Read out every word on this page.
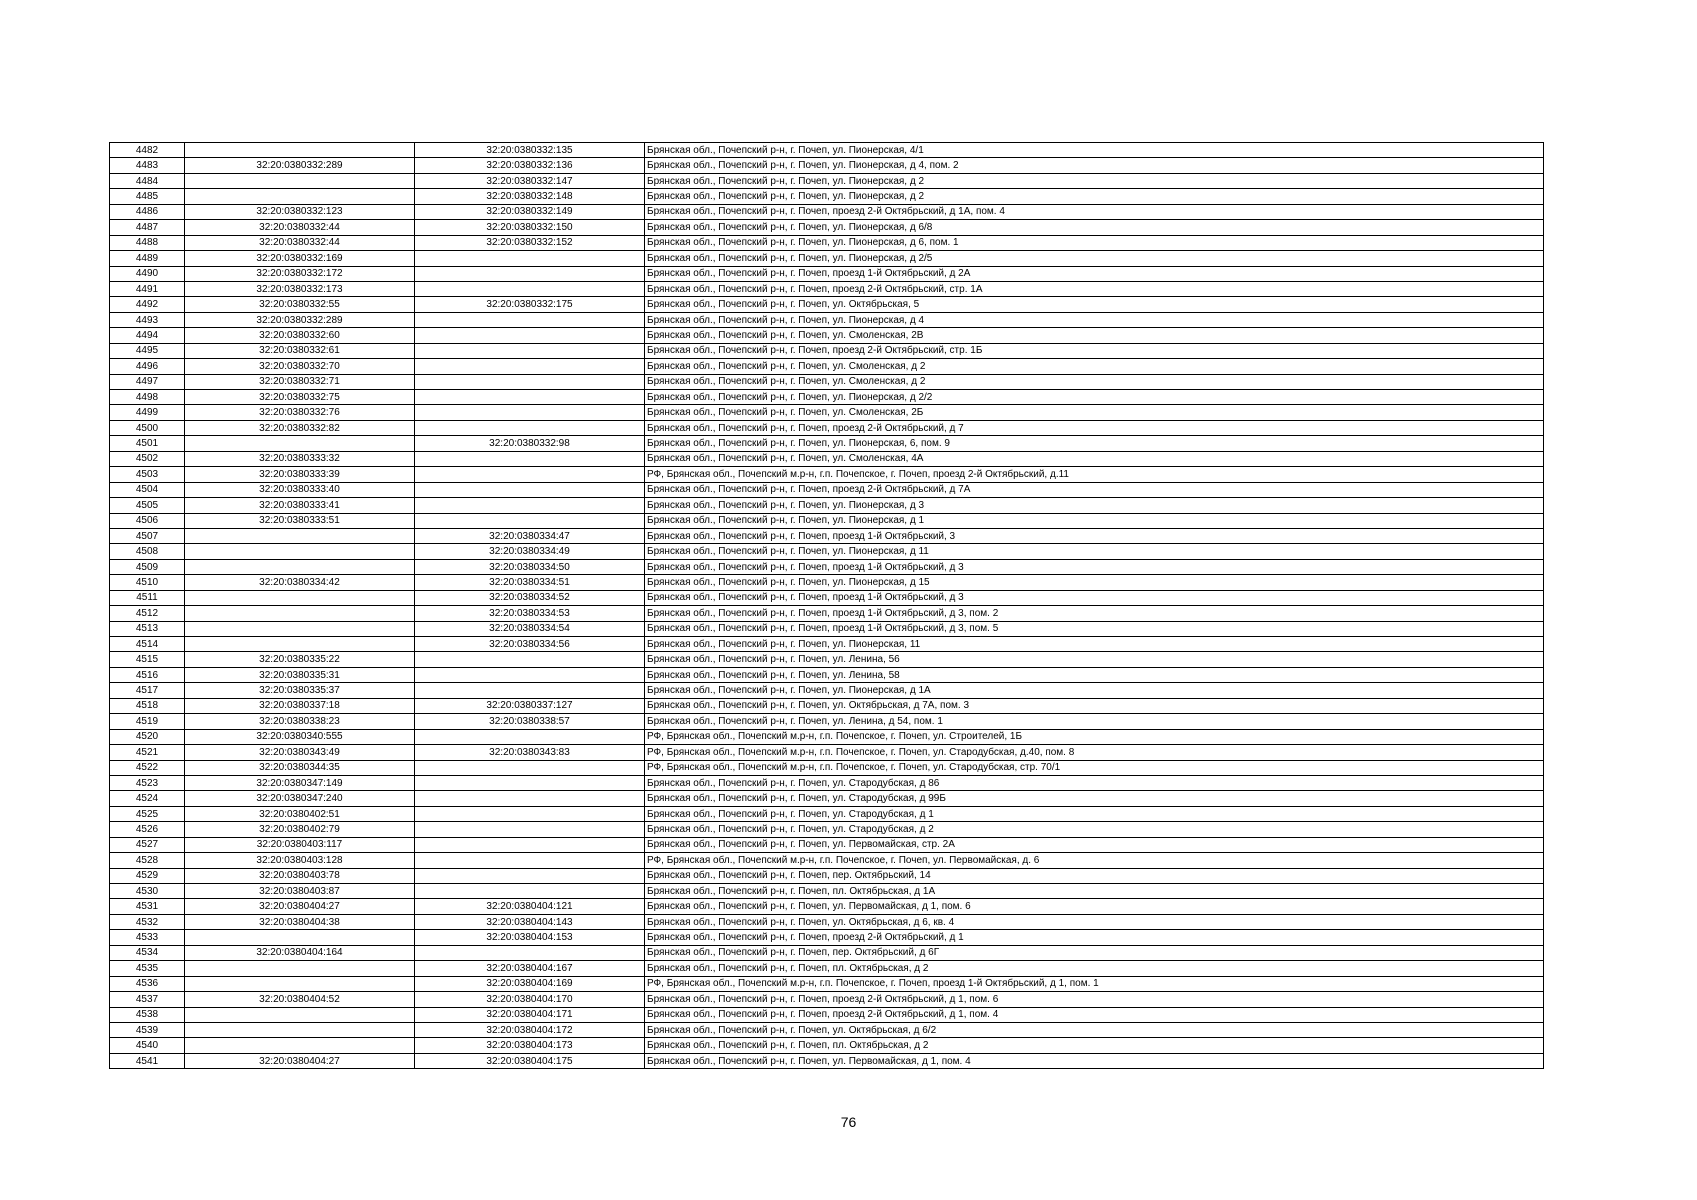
4482		32:20:0380332:135	Брянская обл., Почепский р-н, г. Почеп, ул. Пионерская, 4/1
4483	32:20:0380332:289	32:20:0380332:136	Брянская обл., Почепский р-н, г. Почеп, ул. Пионерская, д 4, пом. 2
4484		32:20:0380332:147	Брянская обл., Почепский р-н, г. Почеп, ул. Пионерская, д 2
4485		32:20:0380332:148	Брянская обл., Почепский р-н, г. Почеп, ул. Пионерская, д 2
4486	32:20:0380332:123	32:20:0380332:149	Брянская обл., Почепский р-н, г. Почеп, проезд 2-й Октябрьский, д 1А, пом. 4
4487	32:20:0380332:44	32:20:0380332:150	Брянская обл., Почепский р-н, г. Почеп, ул. Пионерская, д 6/8
4488	32:20:0380332:44	32:20:0380332:152	Брянская обл., Почепский р-н, г. Почеп, ул. Пионерская, д 6, пом. 1
4489	32:20:0380332:169		Брянская обл., Почепский р-н, г. Почеп, ул. Пионерская, д 2/5
4490	32:20:0380332:172		Брянская обл., Почепский р-н, г. Почеп, проезд 1-й Октябрьский, д 2А
4491	32:20:0380332:173		Брянская обл., Почепский р-н, г. Почеп, проезд 2-й Октябрьский, стр. 1А
4492	32:20:0380332:55	32:20:0380332:175	Брянская обл., Почепский р-н, г. Почеп, ул. Октябрьская, 5
4493	32:20:0380332:289		Брянская обл., Почепский р-н, г. Почеп, ул. Пионерская, д 4
4494	32:20:0380332:60		Брянская обл., Почепский р-н, г. Почеп, ул. Смоленская, 2В
4495	32:20:0380332:61		Брянская обл., Почепский р-н, г. Почеп, проезд 2-й Октябрьский, стр. 1Б
4496	32:20:0380332:70		Брянская обл., Почепский р-н, г. Почеп, ул. Смоленская, д 2
4497	32:20:0380332:71		Брянская обл., Почепский р-н, г. Почеп, ул. Смоленская, д 2
4498	32:20:0380332:75		Брянская обл., Почепский р-н, г. Почеп, ул. Пионерская, д 2/2
4499	32:20:0380332:76		Брянская обл., Почепский р-н, г. Почеп, ул. Смоленская, 2Б
4500	32:20:0380332:82		Брянская обл., Почепский р-н, г. Почеп, проезд 2-й Октябрьский, д 7
4501		32:20:0380332:98	Брянская обл., Почепский р-н, г. Почеп, ул. Пионерская, 6, пом. 9
4502	32:20:0380333:32		Брянская обл., Почепский р-н, г. Почеп, ул. Смоленская, 4А
4503	32:20:0380333:39		РФ, Брянская обл., Почепский м.р-н, г.п. Почепское, г. Почеп, проезд 2-й Октябрьский, д.11
4504	32:20:0380333:40		Брянская обл., Почепский р-н, г. Почеп, проезд 2-й Октябрьский, д 7А
4505	32:20:0380333:41		Брянская обл., Почепский р-н, г. Почеп, ул. Пионерская, д 3
4506	32:20:0380333:51		Брянская обл., Почепский р-н, г. Почеп, ул. Пионерская, д 1
4507		32:20:0380334:47	Брянская обл., Почепский р-н, г. Почеп, проезд 1-й Октябрьский, 3
4508		32:20:0380334:49	Брянская обл., Почепский р-н, г. Почеп, ул. Пионерская, д 11
4509		32:20:0380334:50	Брянская обл., Почепский р-н, г. Почеп, проезд 1-й Октябрьский, д 3
4510	32:20:0380334:42	32:20:0380334:51	Брянская обл., Почепский р-н, г. Почеп, ул. Пионерская, д 15
4511		32:20:0380334:52	Брянская обл., Почепский р-н, г. Почеп, проезд 1-й Октябрьский, д 3
4512		32:20:0380334:53	Брянская обл., Почепский р-н, г. Почеп, проезд 1-й Октябрьский, д 3, пом. 2
4513		32:20:0380334:54	Брянская обл., Почепский р-н, г. Почеп, проезд 1-й Октябрьский, д 3, пом. 5
4514		32:20:0380334:56	Брянская обл., Почепский р-н, г. Почеп, ул. Пионерская, 11
4515	32:20:0380335:22		Брянская обл., Почепский р-н, г. Почеп, ул. Ленина, 56
4516	32:20:0380335:31		Брянская обл., Почепский р-н, г. Почеп, ул. Ленина, 58
4517	32:20:0380335:37		Брянская обл., Почепский р-н, г. Почеп, ул. Пионерская, д 1А
4518	32:20:0380337:18	32:20:0380337:127	Брянская обл., Почепский р-н, г. Почеп, ул. Октябрьская, д 7А, пом. 3
4519	32:20:0380338:23	32:20:0380338:57	Брянская обл., Почепский р-н, г. Почеп, ул. Ленина, д 54, пом. 1
4520	32:20:0380340:555		РФ, Брянская обл., Почепский м.р-н, г.п. Почепское, г. Почеп, ул. Строителей, 1Б
4521	32:20:0380343:49	32:20:0380343:83	РФ, Брянская обл., Почепский м.р-н, г.п. Почепское, г. Почеп, ул. Стародубская, д.40, пом. 8
4522	32:20:0380344:35		РФ, Брянская обл., Почепский м.р-н, г.п. Почепское, г. Почеп, ул. Стародубская, стр. 70/1
4523	32:20:0380347:149		Брянская обл., Почепский р-н, г. Почеп, ул. Стародубская, д 86
4524	32:20:0380347:240		Брянская обл., Почепский р-н, г. Почеп, ул. Стародубская, д 99Б
4525	32:20:0380402:51		Брянская обл., Почепский р-н, г. Почеп, ул. Стародубская, д 1
4526	32:20:0380402:79		Брянская обл., Почепский р-н, г. Почеп, ул. Стародубская, д 2
4527	32:20:0380403:117		Брянская обл., Почепский р-н, г. Почеп, ул. Первомайская, стр. 2А
4528	32:20:0380403:128		РФ, Брянская обл., Почепский м.р-н, г.п. Почепское, г. Почеп, ул. Первомайская, д. 6
4529	32:20:0380403:78		Брянская обл., Почепский р-н, г. Почеп, пер. Октябрьский, 14
4530	32:20:0380403:87		Брянская обл., Почепский р-н, г. Почеп, пл. Октябрьская, д 1А
4531	32:20:0380404:27	32:20:0380404:121	Брянская обл., Почепский р-н, г. Почеп, ул. Первомайская, д 1, пом. 6
4532	32:20:0380404:38	32:20:0380404:143	Брянская обл., Почепский р-н, г. Почеп, ул. Октябрьская, д 6, кв. 4
4533		32:20:0380404:153	Брянская обл., Почепский р-н, г. Почеп, проезд 2-й Октябрьский, д 1
4534	32:20:0380404:164		Брянская обл., Почепский р-н, г. Почеп, пер. Октябрьский, д 6Г
4535		32:20:0380404:167	Брянская обл., Почепский р-н, г. Почеп, пл. Октябрьская, д 2
4536		32:20:0380404:169	РФ, Брянская обл., Почепский м.р-н, г.п. Почепское, г. Почеп, проезд 1-й Октябрьский, д 1, пом. 1
4537	32:20:0380404:52	32:20:0380404:170	Брянская обл., Почепский р-н, г. Почеп, проезд 2-й Октябрьский, д 1, пом. 6
4538		32:20:0380404:171	Брянская обл., Почепский р-н, г. Почеп, проезд 2-й Октябрьский, д 1, пом. 4
4539		32:20:0380404:172	Брянская обл., Почепский р-н, г. Почеп, ул. Октябрьская, д 6/2
4540		32:20:0380404:173	Брянская обл., Почепский р-н, г. Почеп, пл. Октябрьская, д 2
4541	32:20:0380404:27	32:20:0380404:175	Брянская обл., Почепский р-н, г. Почеп, ул. Первомайская, д 1, пом. 4
76
